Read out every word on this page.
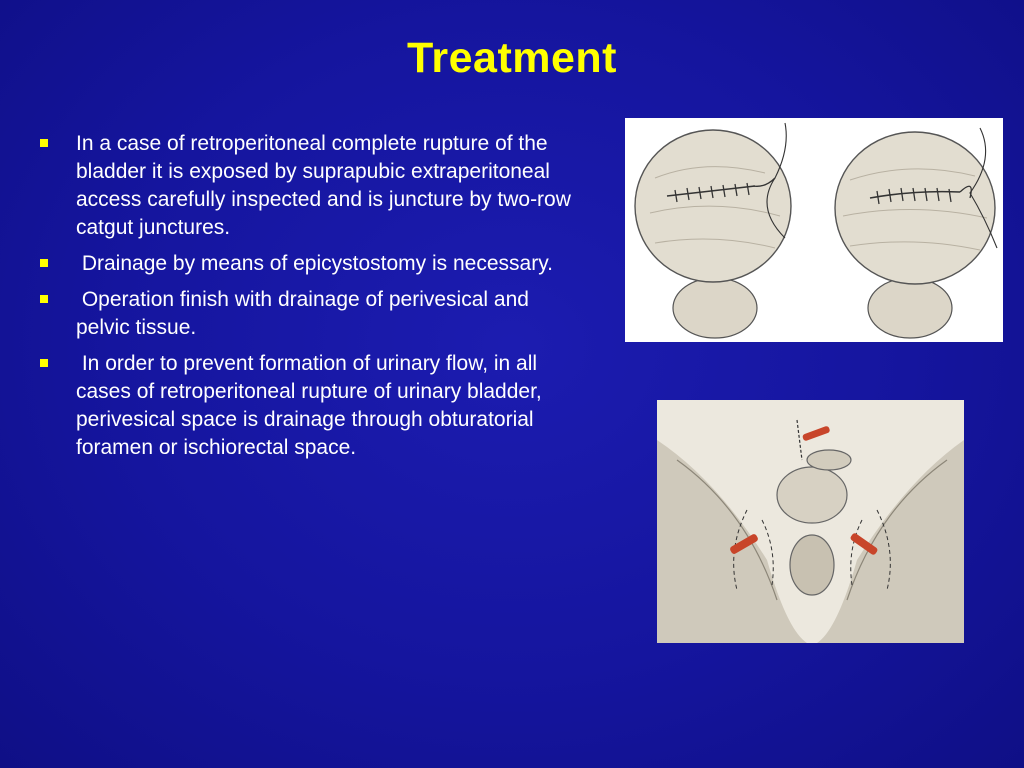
Treatment
In a case of retroperitoneal complete rupture of the bladder it is exposed by suprapubic extraperitoneal access carefully inspected and is juncture by two-row catgut junctures.
Drainage by means of epicystostomy is necessary.
Operation finish with drainage of perivesical and pelvic tissue.
In order to prevent formation of urinary flow, in all cases of retroperitoneal rupture of urinary bladder, perivesical space is drainage through obturatorial foramen or ischiorectal space.
